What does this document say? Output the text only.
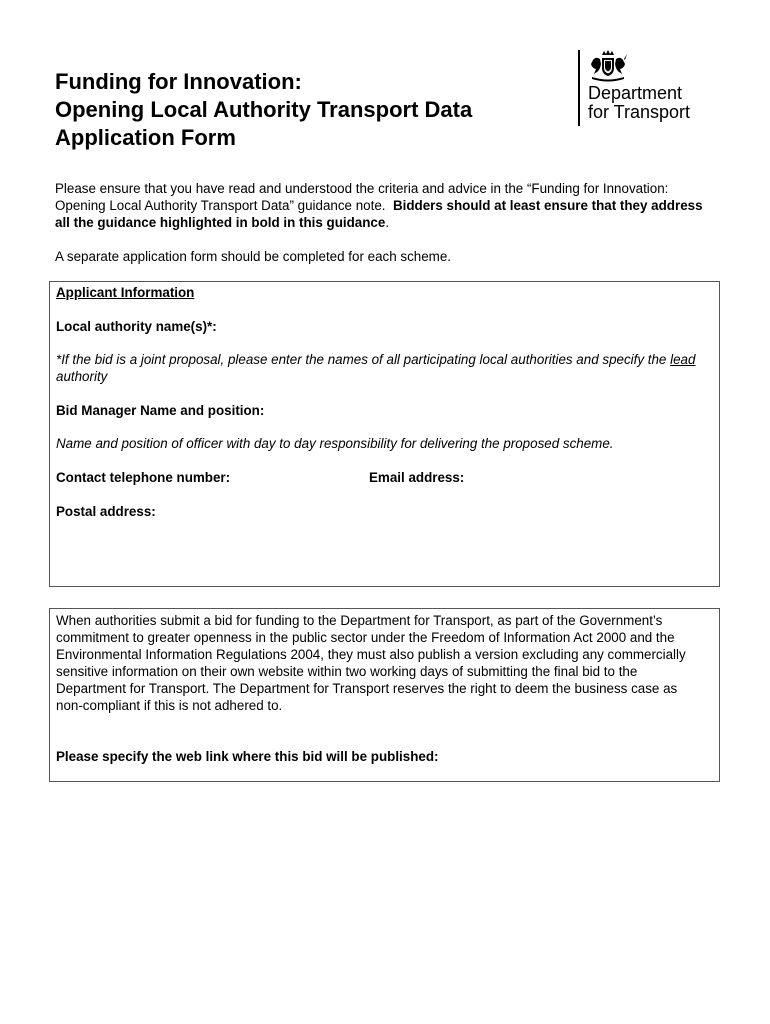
Funding for Innovation:
Opening Local Authority Transport Data
Application Form
Department
for Transport
Please ensure that you have read and understood the criteria and advice in the “Funding for Innovation: Opening Local Authority Transport Data” guidance note. Bidders should at least ensure that they address all the guidance highlighted in bold in this guidance.
A separate application form should be completed for each scheme.
Applicant Information
Local authority name(s)*:
*If the bid is a joint proposal, please enter the names of all participating local authorities and specify the lead authority
Bid Manager Name and position:
Name and position of officer with day to day responsibility for delivering the proposed scheme.
Contact telephone number:	Email address:
Postal address:
When authorities submit a bid for funding to the Department for Transport, as part of the Government’s commitment to greater openness in the public sector under the Freedom of Information Act 2000 and the Environmental Information Regulations 2004, they must also publish a version excluding any commercially sensitive information on their own website within two working days of submitting the final bid to the Department for Transport. The Department for Transport reserves the right to deem the business case as non-compliant if this is not adhered to.
Please specify the web link where this bid will be published:
